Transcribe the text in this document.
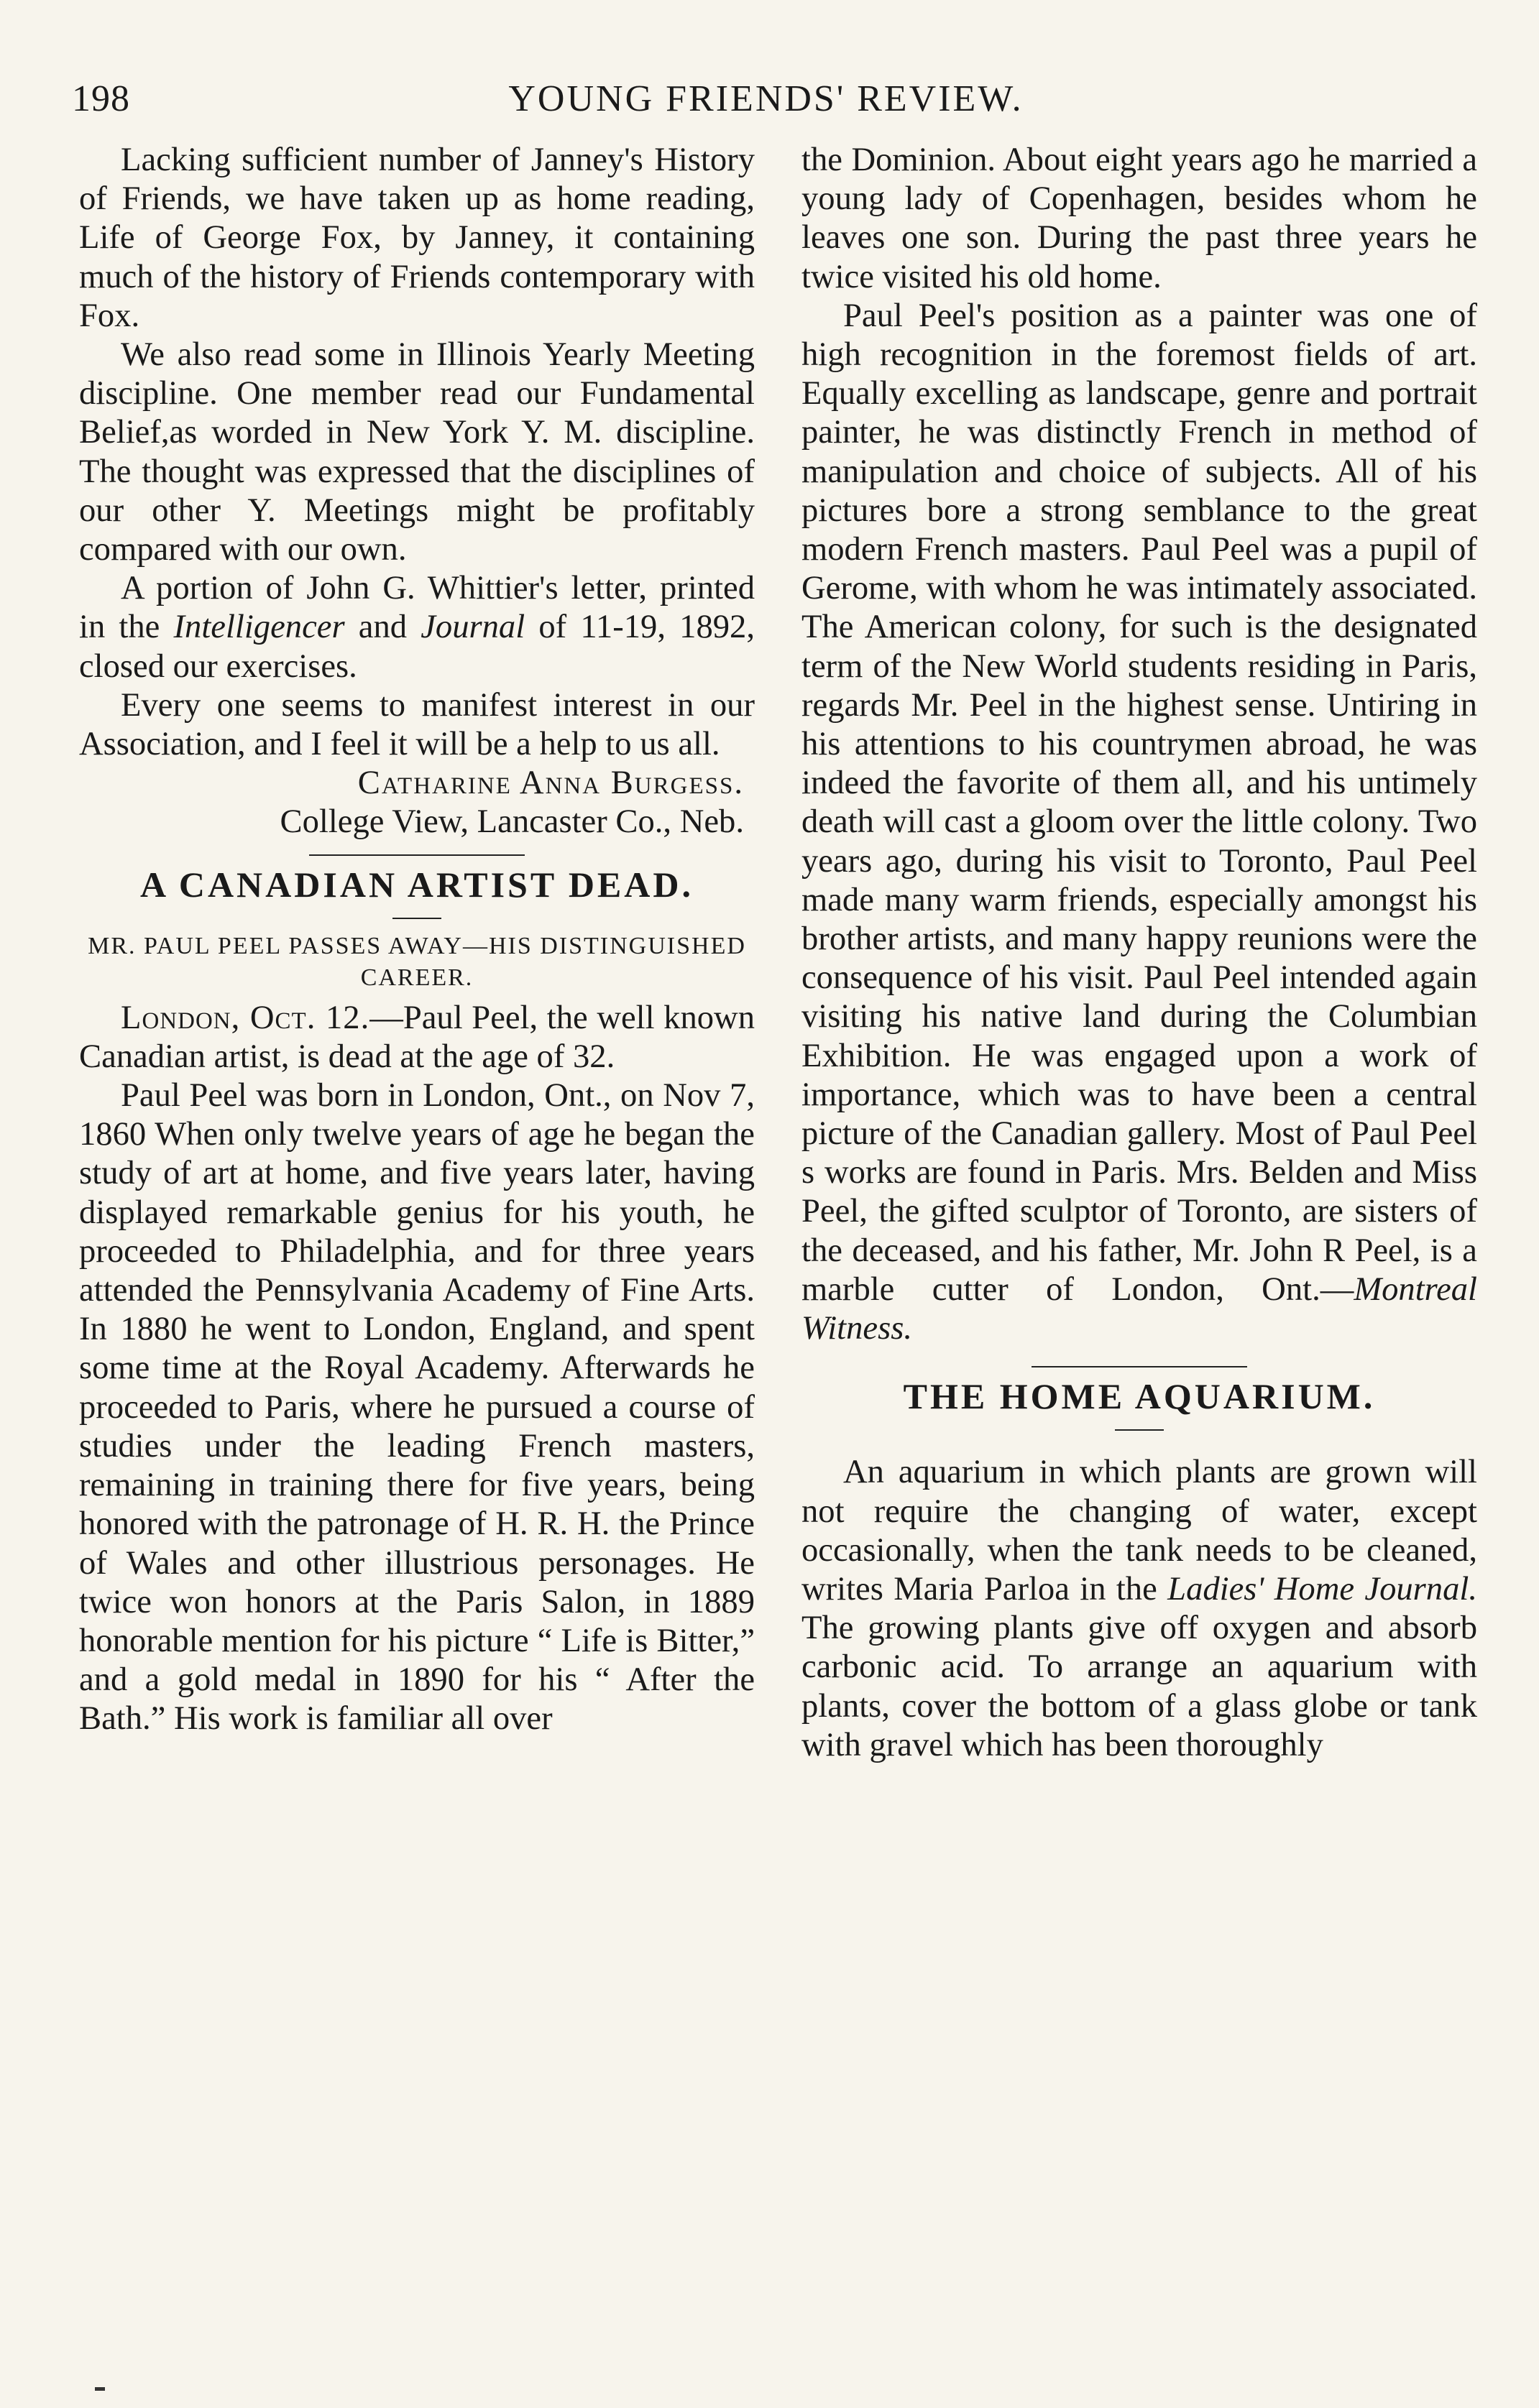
198	YOUNG FRIENDS' REVIEW.

Lacking sufficient number of Janney's History of Friends, we have taken up as home reading, Life of George Fox, by Janney, it containing much of the history of Friends contemporary with Fox.

We also read some in Illinois Yearly Meeting discipline. One member read our Fundamental Belief,as worded in New York Y. M. discipline. The thought was expressed that the disciplines of our other Y. Meetings might be profitably compared with our own.

A portion of John G. Whittier's letter, printed in the Intelligencer and Journal of 11-19, 1892, closed our exercises.

Every one seems to manifest interest in our Association, and I feel it will be a help to us all.

Catharine Anna Burgess.

College View, Lancaster Co., Neb.

A CANADIAN ARTIST DEAD.
MR. PAUL PEEL PASSES AWAY—HIS DISTINGUISHED CAREER.

London, Oct. 12.—Paul Peel, the well known Canadian artist, is dead at the age of 32.

Paul Peel was born in London, Ont., on Nov 7, 1860 When only twelve years of age he began the study of art at home, and five years later, having displayed remarkable genius for his youth, he proceeded to Philadelphia, and for three years attended the Pennsylvania Academy of Fine Arts. In 1880 he went to London, England, and spent some time at the Royal Academy. Afterwards he proceeded to Paris, where he pursued a course of studies under the leading French masters, remaining in training there for five years, being honored with the patronage of H. R. H. the Prince of Wales and other illustrious personages. He twice won honors at the Paris Salon, in 1889 honorable mention for his picture “ Life is Bitter,” and a gold medal in 1890 for his “ After the Bath.” His work is familiar all over

the Dominion. About eight years ago he married a young lady of Copenhagen, besides whom he leaves one son. During the past three years he twice visited his old home.

Paul Peel's position as a painter was one of high recognition in the foremost fields of art. Equally excelling as landscape, genre and portrait painter, he was distinctly French in method of manipulation and choice of subjects. All of his pictures bore a strong semblance to the great modern French masters. Paul Peel was a pupil of Gerome, with whom he was intimately associated. The American colony, for such is the designated term of the New World students residing in Paris, regards Mr. Peel in the highest sense. Untiring in his attentions to his countrymen abroad, he was indeed the favorite of them all, and his untimely death will cast a gloom over the little colony. Two years ago, during his visit to Toronto, Paul Peel made many warm friends, especially amongst his brother artists, and many happy reunions were the consequence of his visit. Paul Peel intended again visiting his native land during the Columbian Exhibition. He was engaged upon a work of importance, which was to have been a central picture of the Canadian gallery. Most of Paul Peel s works are found in Paris. Mrs. Belden and Miss Peel, the gifted sculptor of Toronto, are sisters of the deceased, and his father, Mr. John R Peel, is a marble cutter of London, Ont.—Montreal Witness.

THE HOME AQUARIUM.

An aquarium in which plants are grown will not require the changing of water, except occasionally, when the tank needs to be cleaned, writes Maria Parloa in the Ladies' Home Journal. The growing plants give off oxygen and absorb carbonic acid. To arrange an aquarium with plants, cover the bottom of a glass globe or tank with gravel which has been thoroughly
